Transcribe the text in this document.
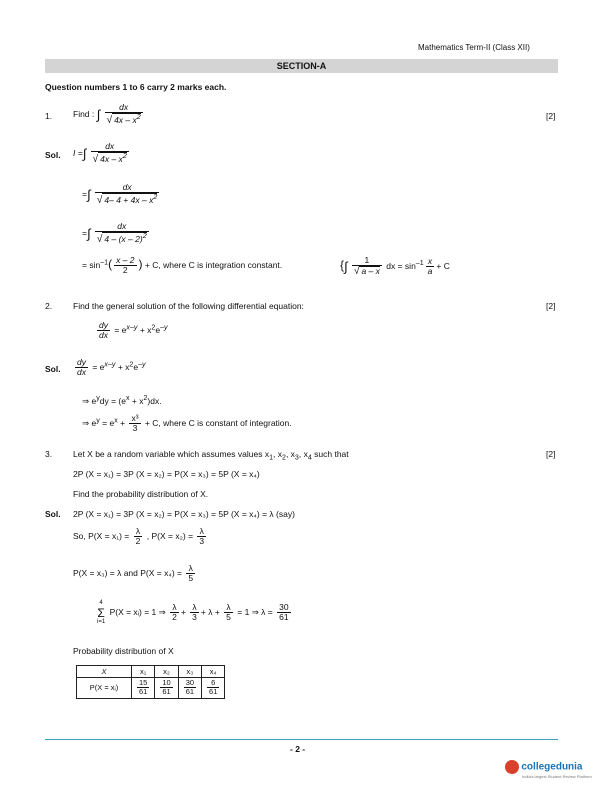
Mathematics Term-II (Class XII)
SECTION-A
Question numbers 1 to 6 carry 2 marks each.
1. Find : ∫ $\frac{dx}{√ 4x - x^2}$	[2]
Sol. I =∫ $\frac{dx}{√ 4x - x^2}$
=∫ $\frac{dx}{√ 4- 4 + 4x - x^2}$
=∫ $\frac{dx}{√ 4 - (x - 2)^2}$
= $\sin^{-1}( \frac{x - 2}{2}$ ) + C, where C is integration constant.	{∫ $\frac{1}{√ a - x}$ dx = $\sin^{-1} \frac{x}{a} + C$
2. Find the general solution of the following differential equation:	[2]
$\frac{dy}{dx} = e^{x-y} + x^2e^{-y}$
Sol. $\frac{dy}{dx} = e^{x-y} + x^2e^{-y}$
⇒ $e^ydy = (e^x + x^2)dx$.
⇒ $e^y = e^x + \frac{\text{x³}}{3} + C$, where C is constant of integration.
3. Let X be a random variable which assumes values $x_1$, $x_2$, $x_3$, $x_4$ such that	[2]
2P (X = x₁) = 3P (X = x₂) = P(X = x₃) = 5P (X = x₄)
Find the probability distribution of X.
Sol. 2P (X = x₁) = 3P (X = x₂) = P(X = x₃) = 5P (X = x₄) = λ (say)
So, $P(X = x_1) = \frac{\lambda}{2}$ , $P(X = x_2) = \frac{\lambda}{3}$
P(X = x₃) = λ and $P(X = x_4) = \frac{\lambda}{5}$
4
Σ
i=1
P(X = xᵢ) = 1 ⇒ $\frac{\lambda}{2} + \frac{\lambda}{3} + \lambda + \frac{\lambda}{5} = 1$ ⇒ $\lambda = \frac{30}{61}$
Probability distribution of X
X	x₁	x₂	x₃	x₄
P(X = xᵢ)	$\frac{15}{61}$	$\frac{10}{61}$	$\frac{30}{61}$	$\frac{6}{61}$
- 2 -
collegedunia
India's largest Student Review Platform
